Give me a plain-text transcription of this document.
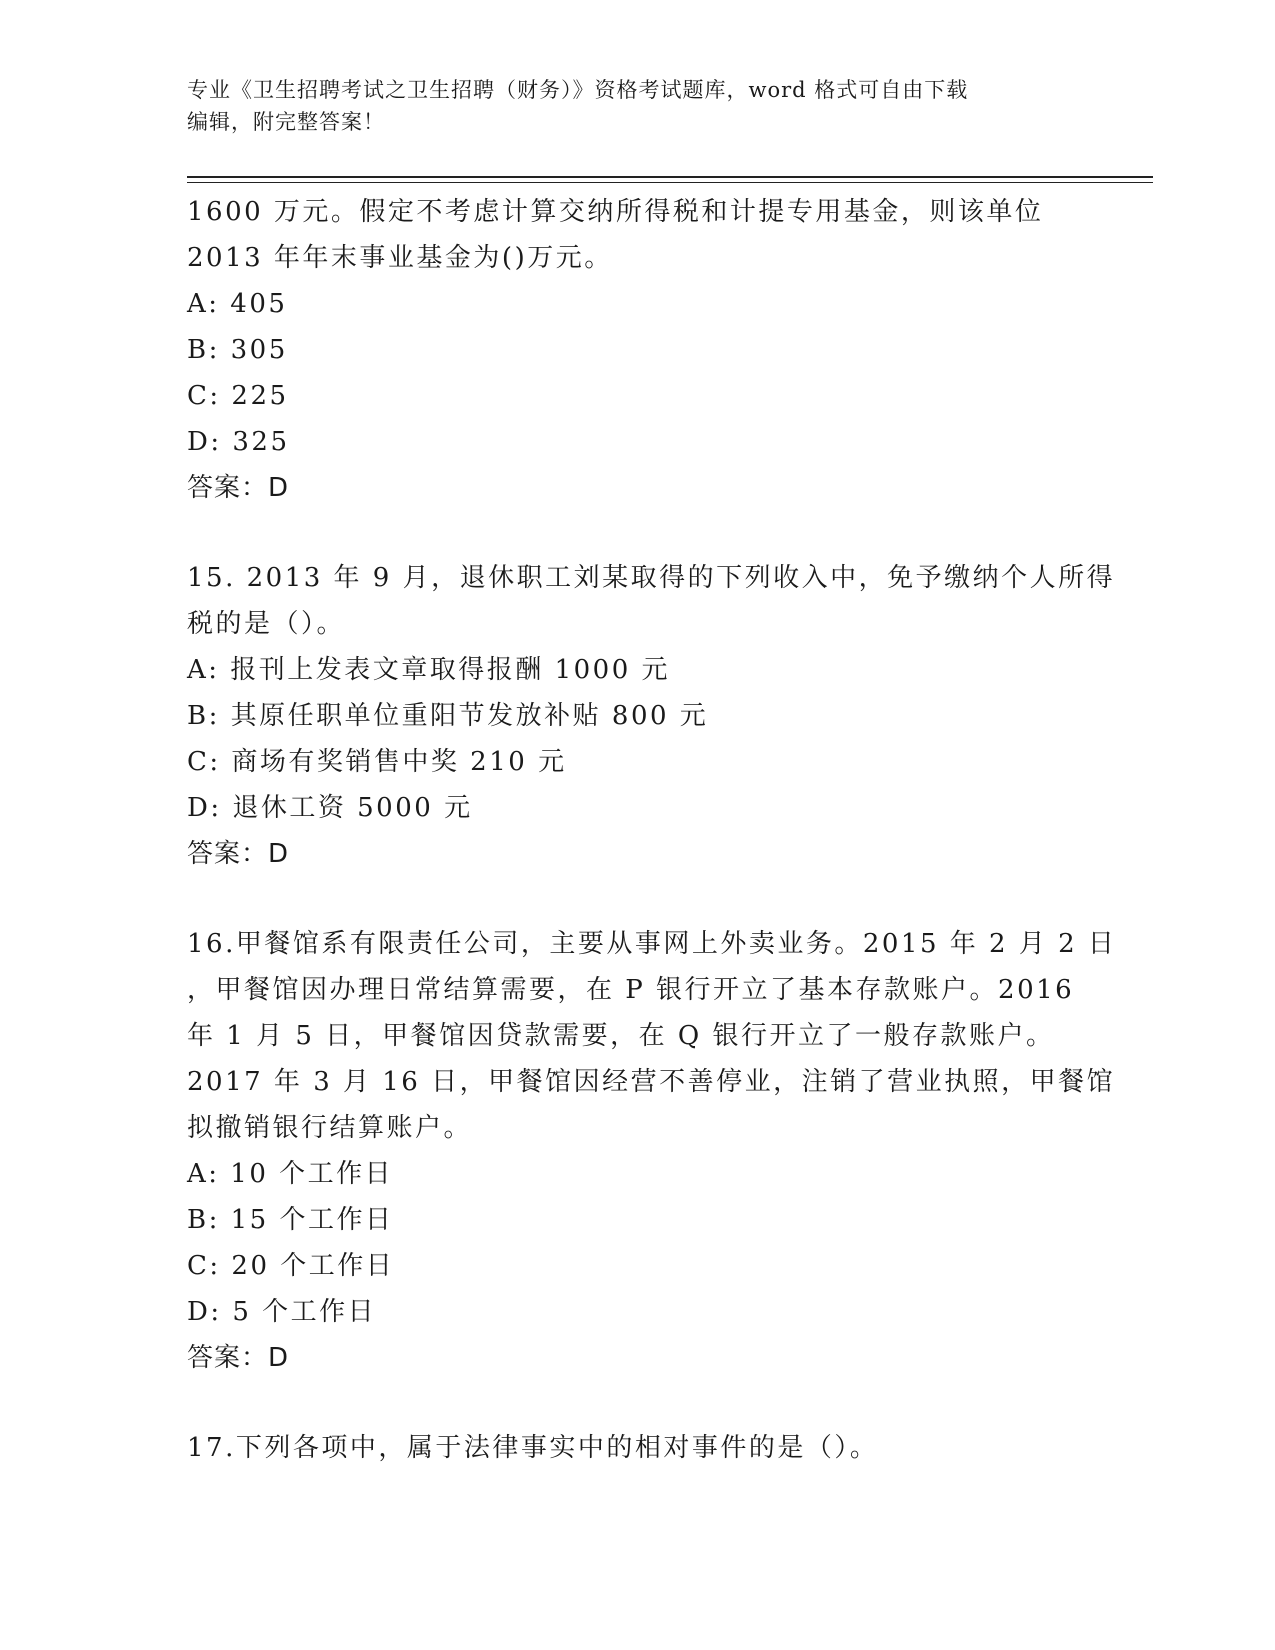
专业《卫生招聘考试之卫生招聘（财务）》资格考试题库，word 格式可自由下载
编辑，附完整答案！
1600 万元。假定不考虑计算交纳所得税和计提专用基金，则该单位
2013 年年末事业基金为()万元。
A: 405
B: 305
C: 225
D: 325
答案：D
15. 2013 年 9 月，退休职工刘某取得的下列收入中，免予缴纳个人所得
税的是（）。
A: 报刊上发表文章取得报酬 1000 元
B: 其原任职单位重阳节发放补贴 800 元
C: 商场有奖销售中奖 210 元
D: 退休工资 5000 元
答案：D
16.甲餐馆系有限责任公司，主要从事网上外卖业务。2015 年 2 月 2 日
，甲餐馆因办理日常结算需要，在 P 银行开立了基本存款账户。2016
年 1 月 5 日，甲餐馆因贷款需要，在 Q 银行开立了一般存款账户。
2017 年 3 月 16 日，甲餐馆因经营不善停业，注销了营业执照，甲餐馆
拟撤销银行结算账户。
A: 10 个工作日
B: 15 个工作日
C: 20 个工作日
D: 5 个工作日
答案：D
17.下列各项中，属于法律事实中的相对事件的是（）。
